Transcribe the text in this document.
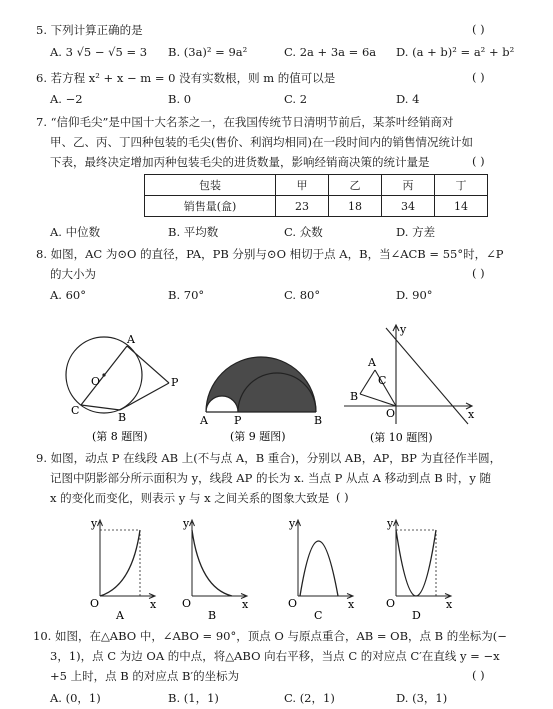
5. 下列计算正确的是	( )
A. 3 √5 − √5 = 3 B. (3a)² = 9a²	C. 2a + 3a = 6a D. (a + b)² = a² + b²
6. 若方程 x² + x − m = 0 没有实数根，则 m 的值可以是	( )
A. −2	B. 0	C. 2	D. 4
7. “信仰毛尖”是中国十大名茶之一，在我国传统节日清明节前后，某茶叶经销商对
甲、乙、丙、丁四种包装的毛尖(售价、利润均相同)在一段时间内的销售情况统计如
下表，最终决定增加丙种包装毛尖的进货数量，影响经销商决策的统计量是	( )
包装	甲	乙	丙	丁
销售量(盒)	23	18	34	14
A. 中位数	B. 平均数	C. 众数	D. 方差
8. 如图，AC 为⊙O 的直径，PA，PB 分别与⊙O 相切于点 A，B，当∠ACB = 55°时，∠P
的大小为	( )
A. 60°	B. 70°	C. 80°	D. 90°
A
O	P
C
B
(第 8 题图)
A P	B
(第 9 题图)
y
A
C
B
O	x
(第 10 题图)
9. 如图，动点 P 在线段 AB 上(不与点 A，B 重合)，分别以 AB，AP，BP 为直径作半圆，
记图中阴影部分所示面积为 y，线段 AP 的长为 x. 当点 P 从点 A 移动到点 B 时，y 随
x 的变化而变化，则表示 y 与 x 之间关系的图象大致是 ( )
y
x
O
A
y
x
O
B
y
x
O
C
y
x
O
D
10. 如图，在△ABO 中，∠ABO = 90°，顶点 O 与原点重合，AB = OB，点 B 的坐标为(−
3，1)，点 C 为边 OA 的中点，将△ABO 向右平移，当点 C 的对应点 C′在直线 y = −x
+5 上时，点 B 的对应点 B′的坐标为	( )
A. (0，1)	B. (1，1)	C. (2，1)	D. (3，1)
